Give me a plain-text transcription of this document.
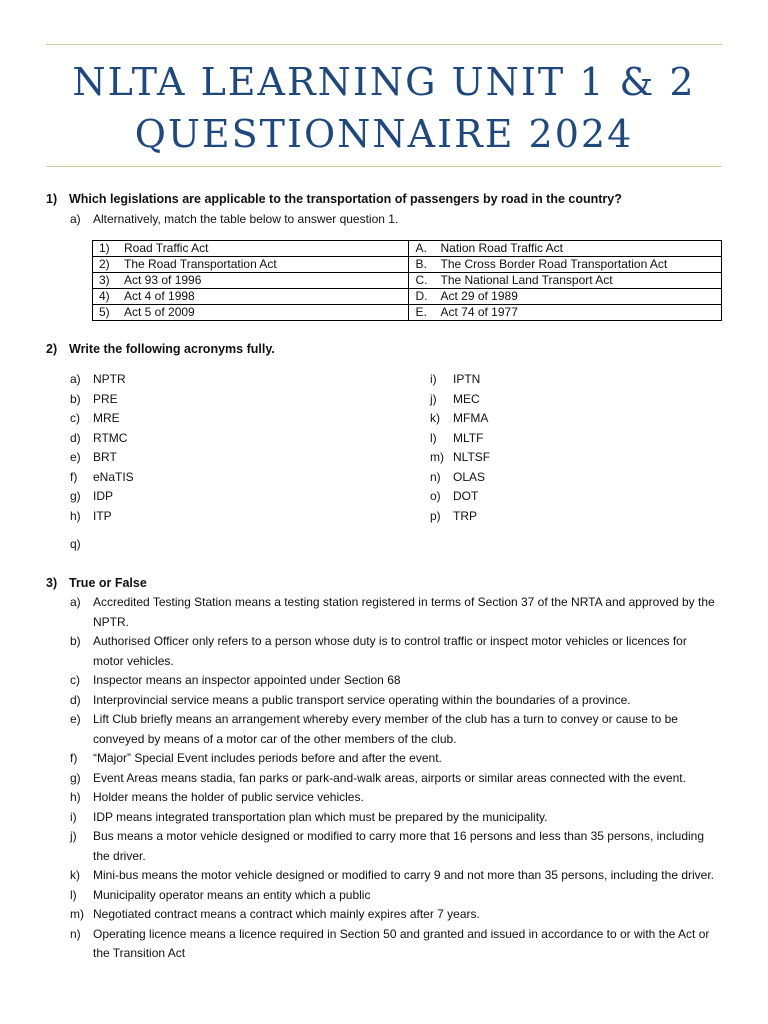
NLTA LEARNING UNIT 1 & 2
QUESTIONNAIRE 2024
1) Which legislations are applicable to the transportation of passengers by road in the country?
a) Alternatively, match the table below to answer question 1.
1) Road Traffic Act	A. Nation Road Traffic Act
2) The Road Transportation Act	B. The Cross Border Road Transportation Act
3) Act 93 of 1996	C. The National Land Transport Act
4) Act 4 of 1998	D. Act 29 of 1989
5) Act 5 of 2009	E. Act 74 of 1977
2) Write the following acronyms fully.
a) NPTR
b) PRE
c) MRE
d) RTMC
e) BRT
f) eNaTIS
g) IDP
h) ITP
i) IPTN
j) MEC
k) MFMA
l) MLTF
m) NLTSF
n) OLAS
o) DOT
p) TRP
q)
3) True or False
a) Accredited Testing Station means a testing station registered in terms of Section 37 of the NRTA and approved by the NPTR.
b) Authorised Officer only refers to a person whose duty is to control traffic or inspect motor vehicles or licences for motor vehicles.
c) Inspector means an inspector appointed under Section 68
d) Interprovincial service means a public transport service operating within the boundaries of a province.
e) Lift Club briefly means an arrangement whereby every member of the club has a turn to convey or cause to be conveyed by means of a motor car of the other members of the club.
f) “Major” Special Event includes periods before and after the event.
g) Event Areas means stadia, fan parks or park-and-walk areas, airports or similar areas connected with the event.
h) Holder means the holder of public service vehicles.
i) IDP means integrated transportation plan which must be prepared by the municipality.
j) Bus means a motor vehicle designed or modified to carry more that 16 persons and less than 35 persons, including the driver.
k) Mini-bus means the motor vehicle designed or modified to carry 9 and not more than 35 persons, including the driver.
l) Municipality operator means an entity which a public
m) Negotiated contract means a contract which mainly expires after 7 years.
n) Operating licence means a licence required in Section 50 and granted and issued in accordance to or with the Act or the Transition Act
